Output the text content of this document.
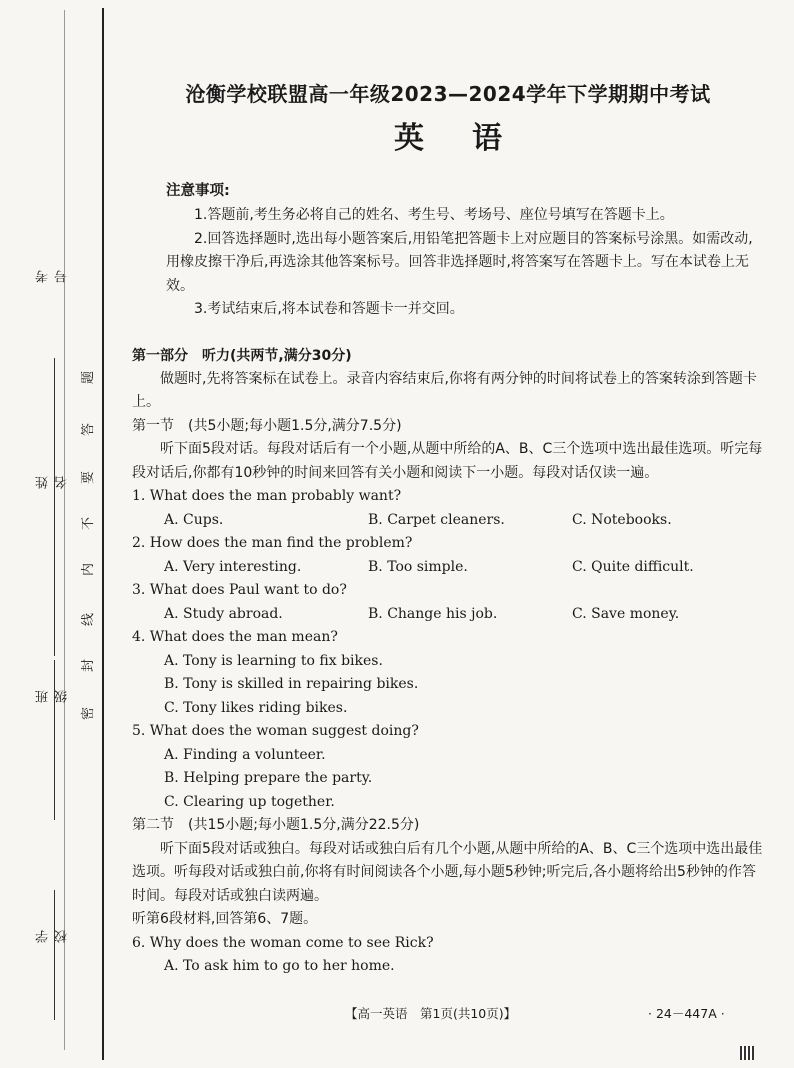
考号
姓名
班级
学校
题
答
要
不
内
线
封
密
沧衡学校联盟高一年级2023—2024学年下学期期中考试
英语
注意事项:

1.答题前,考生务必将自己的姓名、考生号、考场号、座位号填写在答题卡上。

2.回答选择题时,选出每小题答案后,用铅笔把答题卡上对应题目的答案标号涂黑。如需改动,用橡皮擦干净后,再选涂其他答案标号。回答非选择题时,将答案写在答题卡上。写在本试卷上无效。

3.考试结束后,将本试卷和答题卡一并交回。

第一部分　听力(共两节,满分30分)

做题时,先将答案标在试卷上。录音内容结束后,你将有两分钟的时间将试卷上的答案转涂到答题卡上。

第一节　(共5小题;每小题1.5分,满分7.5分)

听下面5段对话。每段对话后有一个小题,从题中所给的A、B、C三个选项中选出最佳选项。听完每段对话后,你都有10秒钟的时间来回答有关小题和阅读下一小题。每段对话仅读一遍。

1. What does the man probably want?
A. Cups.	B. Carpet cleaners.	C. Notebooks.
2. How does the man find the problem?
A. Very interesting.	B. Too simple.	C. Quite difficult.
3. What does Paul want to do?
A. Study abroad.	B. Change his job.	C. Save money.
4. What does the man mean?
A. Tony is learning to fix bikes.
B. Tony is skilled in repairing bikes.
C. Tony likes riding bikes.
5. What does the woman suggest doing?
A. Finding a volunteer.
B. Helping prepare the party.
C. Clearing up together.
第二节　(共15小题;每小题1.5分,满分22.5分)

听下面5段对话或独白。每段对话或独白后有几个小题,从题中所给的A、B、C三个选项中选出最佳选项。听每段对话或独白前,你将有时间阅读各个小题,每小题5秒钟;听完后,各小题将给出5秒钟的作答时间。每段对话或独白读两遍。

听第6段材料,回答第6、7题。
6. Why does the woman come to see Rick?
A. To ask him to go to her home.
【高一英语　第1页(共10页)】	· 24－447A ·
